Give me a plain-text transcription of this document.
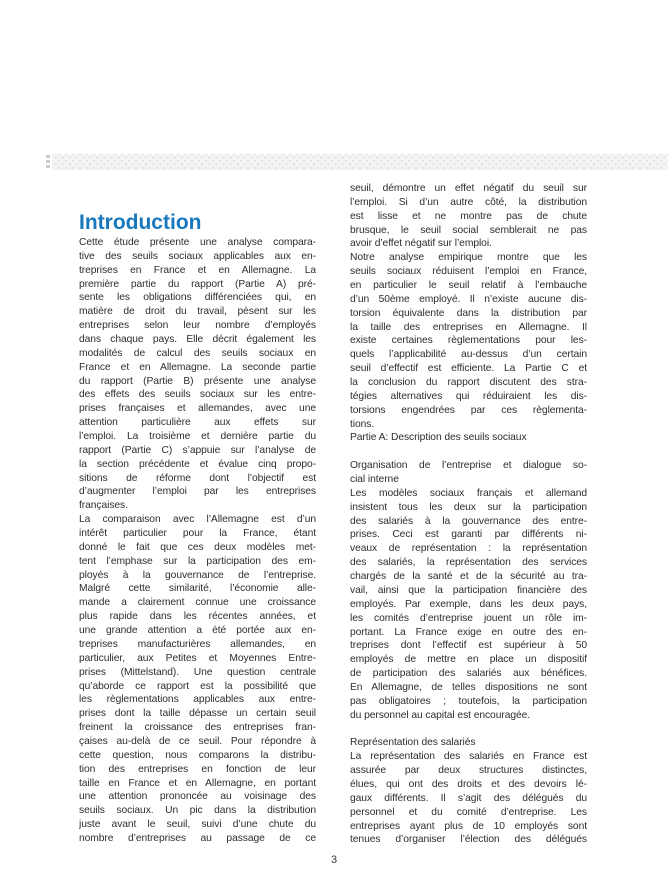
Introduction
Cette étude présente une analyse compara-
tive des seuils sociaux applicables aux en-
treprises en France et en Allemagne. La
première partie du rapport (Partie A) pré-
sente les obligations différenciées qui, en
matière de droit du travail, pèsent sur les
entreprises selon leur nombre d’employés
dans chaque pays. Elle décrit également les
modalités de calcul des seuils sociaux en
France et en Allemagne. La seconde partie
du rapport (Partie B) présente une analyse
des effets des seuils sociaux sur les entre-
prises françaises et allemandes, avec une
attention particulière aux effets sur
l’emploi. La troisième et dernière partie du
rapport (Partie C) s’appuie sur l’analyse de
la section précédente et évalue cinq propo-
sitions de réforme dont l’objectif est
d’augmenter l’emploi par les entreprises
françaises.
La comparaison avec l’Allemagne est d’un
intérêt particulier pour la France, étant
donné le fait que ces deux modèles met-
tent l’emphase sur la participation des em-
ployés à la gouvernance de l’entreprise.
Malgré cette similarité, l’économie alle-
mande a clairement connue une croissance
plus rapide dans les récentes années, et
une grande attention a été portée aux en-
treprises manufacturières allemandes, en
particulier, aux Petites et Moyennes Entre-
prises (Mittelstand). Une question centrale
qu’aborde ce rapport est la possibilité que
les règlementations applicables aux entre-
prises dont la taille dépasse un certain seuil
freinent la croissance des entreprises fran-
çaises au-delà de ce seuil. Pour répondre à
cette question, nous comparons la distribu-
tion des entreprises en fonction de leur
taille en France et en Allemagne, en portant
une attention prononcée au voisinage des
seuils sociaux. Un pic dans la distribution
juste avant le seuil, suivi d’une chute du
nombre d’entreprises au passage de ce
seuil, démontre un effet négatif du seuil sur
l’emploi. Si d’un autre côté, la distribution
est lisse et ne montre pas de chute
brusque, le seuil social semblerait ne pas
avoir d’effet négatif sur l’emploi.
Notre analyse empirique montre que les
seuils sociaux réduisent l’emploi en France,
en particulier le seuil relatif à l’embauche
d’un 50ème employé. Il n’existe aucune dis-
torsion équivalente dans la distribution par
la taille des entreprises en Allemagne. Il
existe certaines règlementations pour les-
quels l’applicabilité au-dessus d’un certain
seuil d’effectif est efficiente. La Partie C et
la conclusion du rapport discutent des stra-
tégies alternatives qui réduiraient les dis-
torsions engendrées par ces règlementa-
tions.
Partie A: Description des seuils sociaux
Organisation de l’entreprise et dialogue so-
cial interne
Les modèles sociaux français et allemand
insistent tous les deux sur la participation
des salariés à la gouvernance des entre-
prises. Ceci est garanti par différents ni-
veaux de représentation : la représentation
des salariés, la représentation des services
chargés de la santé et de la sécurité au tra-
vail, ainsi que la participation financière des
employés. Par exemple, dans les deux pays,
les comités d’entreprise jouent un rôle im-
portant. La France exige en outre des en-
treprises dont l’effectif est supérieur à 50
employés de mettre en place un dispositif
de participation des salariés aux bénéfices.
En Allemagne, de telles dispositions ne sont
pas obligatoires ; toutefois, la participation
du personnel au capital est encouragée.
Représentation des salariés
La représentation des salariés en France est
assurée par deux structures distinctes,
élues, qui ont des droits et des devoirs lé-
gaux différents. Il s’agit des délégués du
personnel et du comité d’entreprise. Les
entreprises ayant plus de 10 employés sont
tenues d’organiser l’élection des délégués
3
